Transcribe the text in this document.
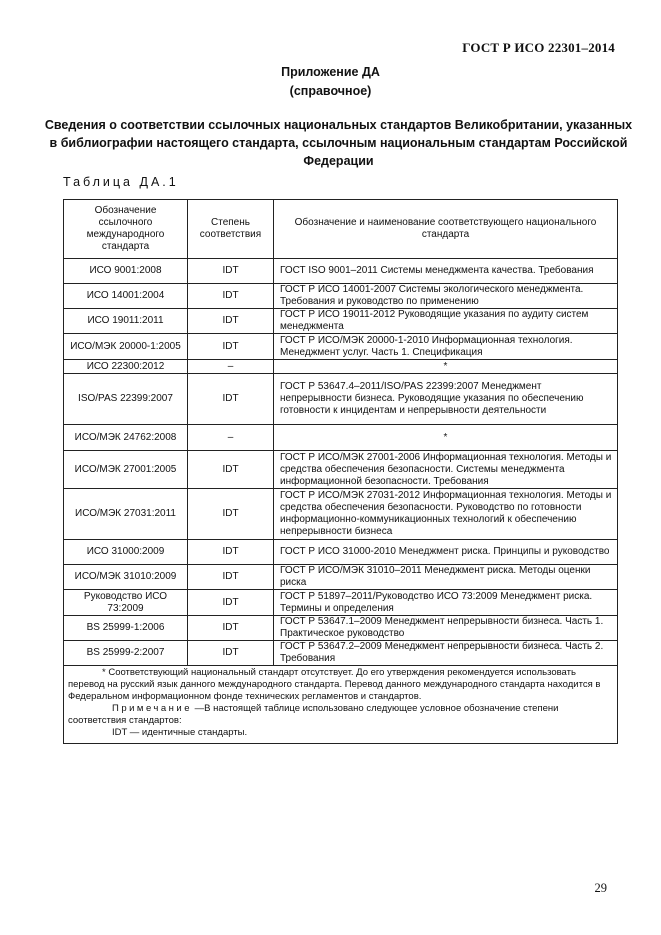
ГОСТ Р ИСО 22301–2014
Приложение ДА
(справочное)
Сведения о соответствии ссылочных национальных стандартов Великобритании, указанных в библиографии настоящего стандарта, ссылочным национальным стандартам Российской Федерации
Таблица ДА.1
Обозначение ссылочного международного стандарта	Степень соответствия	Обозначение и наименование соответствующего национального стандарта
ИСО 9001:2008	IDT	ГОСТ ISO 9001–2011 Системы менеджмента качества. Требования
ИСО 14001:2004	IDT	ГОСТ Р ИСО 14001-2007 Системы экологического менеджмента. Требования и руководство по применению
ИСО 19011:2011	IDT	ГОСТ Р ИСО 19011-2012 Руководящие указания по аудиту систем менеджмента
ИСО/МЭК 20000-1:2005	IDT	ГОСТ Р ИСО/МЭК 20000-1-2010 Информационная технология. Менеджмент услуг. Часть 1. Спецификация
ИСО 22300:2012	–	*
ISO/PAS 22399:2007	IDT	ГОСТ Р 53647.4–2011/ISO/PAS 22399:2007 Менеджмент непрерывности бизнеса. Руководящие указания по обеспечению готовности к инцидентам и непрерывности деятельности
ИСО/МЭК 24762:2008	–	*
ИСО/МЭК 27001:2005	IDT	ГОСТ Р ИСО/МЭК 27001-2006 Информационная технология. Методы и средства обеспечения безопасности. Системы менеджмента информационной безопасности. Требования
ИСО/МЭК 27031:2011	IDT	ГОСТ Р ИСО/МЭК 27031-2012 Информационная технология. Методы и средства обеспечения безопасности. Руководство по готовности информационно-коммуникационных технологий к обеспечению непрерывности бизнеса
ИСО 31000:2009	IDT	ГОСТ Р ИСО 31000-2010 Менеджмент риска. Принципы и руководство
ИСО/МЭК 31010:2009	IDT	ГОСТ Р ИСО/МЭК 31010–2011 Менеджмент риска. Методы оценки риска
Руководство ИСО 73:2009	IDT	ГОСТ Р 51897–2011/Руководство ИСО 73:2009 Менеджмент риска. Термины и определения
BS 25999-1:2006	IDT	ГОСТ Р 53647.1–2009 Менеджмент непрерывности бизнеса. Часть 1. Практическое руководство
BS 25999-2:2007	IDT	ГОСТ Р 53647.2–2009 Менеджмент непрерывности бизнеса. Часть 2. Требования

* Соответствующий национальный стандарт отсутствует. До его утверждения рекомендуется использовать перевод на русский язык данного международного стандарта. Перевод данного международного стандарта находится в Федеральном информационном фонде технических регламентов и стандартов.
Примечание —В настоящей таблице использовано следующее условное обозначение степени соответствия стандартов:
IDT — идентичные стандарты.		
29
